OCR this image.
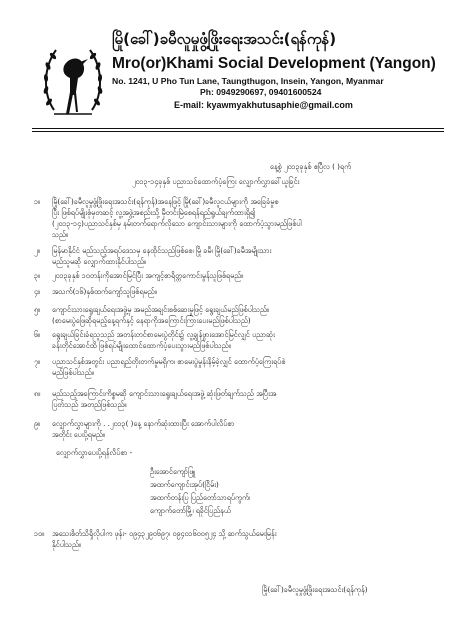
မြို(ခေါ်)ခမီလူမှုဖွံ့ဖြိုးရေးအသင်း(ရန်ကုန်)
Mro(or)Khami Social Development (Yangon)
No. 1241, U Pho Tun Lane, Taungthugon, Insein, Yangon, Myanmar
Ph: 0949290697, 09401600524
E-mail: kyawmyakhutusaphie@gmail.com
နေ့စွဲ ၂၀၁၃ခုနှစ် ဧပြီလ ( )ရက်
၂၀၁၃-၁၄ခုနှစ် ပညာသင်ထောက်ပံ့ကြေး လျှောက်လွှာခေါ်ယူခြင်း
၁။ မြို(ခေါ်)ခမီလူမှုဖွံ့ဖြိုးရေးအသင်း(ရန်ကုန်)အနေဖြင့် မြို(ခေါ်)ခမီလူငယ်များကို အခြေခံမှုစ
ပြီး ဖြစ်ရပ်မျိုးစုံမှတဆင့် လူ့အဖွဲ့အစည်းသို့ မှီတင်းမြဲစေရန်ရည်ရွယ်ချက်ထားရှိ၍
(၂၀၁၃-၁၄)ပညာသင်နှစ်မှ နမ်းတက်ရောက်လိုသော ကျောင်းသားများကို ထောက်ပံ့သွားမည်ဖြစ်ပါ
သည်။
၂။ မြန်မာနိုင်ငံ မည်သည့်အရပ်ဒေသမှ နေထိုင်သည်ဖြစ်စေ၊ မြို ခမီ၊ မြို(ခေါ်)ခမီအမျိုးသား
မည်သူမဆို လျှောက်ထားနိုင်ပါသည်။
၃။ ၂၀၁၃ခုနှစ် ၁၀တန်းကိုအောင်မြင်ပြီး အကျင့်စာရိတ္တကောင်းမွန်သူဖြစ်ရမည်။
၄။ အသက်(၁၆)နှစ်ထက်ကျော်သူဖြစ်ရမည်။
၅။ ကျောင်းသားရွေးချယ်ရေးအဖွဲ့မှ အမည်အချင်းစစ်ဆေးမှုဖြင့် ရွေးချယ်မည်ဖြစ်ပါသည်။
(စာမေးပွဲဖြေဆိုရမည့်နေ့ရက်နှင့် နေရာကိုအကြောင်းကြားပေးမည်ဖြစ်ပါသည်)
၆။ ရွေးချယ်ခြင်းခံရသူသည် အတန်းတင်စာမေးပွဲတိုင်း၌ လူ့ချွန်ဖွားအောင်မြင်လျှင် ပညာဆုံး
ခန်းတိုင်အောင်ထိ ဖြစ်ရပ်မျိုးထောင်ထောက်ပံ့ပေးသွားမည်ဖြစ်ပါသည်။
၇။ ပညာသင်နှစ်အတွင်း ပညာရည်တိုးတက်မှုမရှိက၊ စာမေးပွဲမှုန်းနိမ့်ခဲ့လျှင် ထောက်ပံ့ကြေးရပ်စဲ
မည်ဖြစ်ပါသည်။
၈။ မည်သည့်အကြောင်းကိစ္စမဆို ကျောင်းသားရွေးချယ်ရေးအဖွဲ့ ဆုံးဖြတ်ချက်သည် အပြီးအ
ပြတ်သည် အတည်ဖြစ်သည်။
၉။ လျှောက်လွှာများကို . .၂၀၁၃( )နေ့ နောက်ဆုံးထားပြီး အောက်ပါလိပ်စာ
အတိုင်း ပေးပို့ရမည်။
လျှောက်လွှာပေးပို့ရန်လိပ်စာ -
ဦးအောင်ကျော်ဖြူ
အထက်ကျောင်းအုပ်(ငြိမ်း)
အထက်တန်းပြ ပြည်တော်သာရပ်ကွက်၊
ကျောက်တော်မြို့၊ ရခိုင်ပြည်နယ်
၁၀။ အသေးစိတ်သိရှိလိုပါက ဖုန်း- ၀၉၄၃၂၉၀၆၉၇၊ ၀၉၄၀၁၆၀၀၅၂၄ သို့ ဆက်သွယ်မေးမြန်း
နိုင်ပါသည်။
မြို(ခေါ်)ခမီလူမှုဖွံ့ဖြိုးရေးအသင်း(ရန်ကုန်)
